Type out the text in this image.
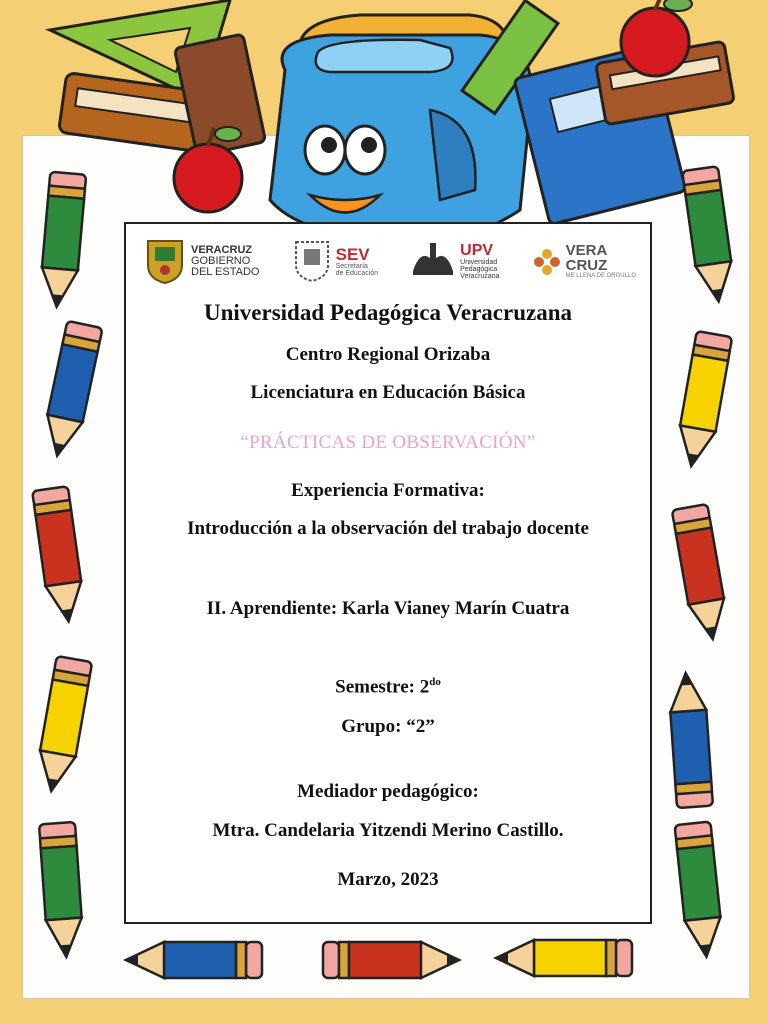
VERACRUZ
GOBIERNO
DEL ESTADO
SEV
Secretaría
de Educación
UPV
Universidad
Pedagógica
Veracruzana
VERA
CRUZ
ME LLENA DE ORGULLO
Universidad Pedagógica Veracruzana
Centro Regional Orizaba
Licenciatura en Educación Básica
“PRÁCTICAS DE OBSERVACIÓN”
Experiencia Formativa:
Introducción a la observación del trabajo docente
II. Aprendiente: Karla Vianey Marín Cuatra
Semestre: $2^{do}$
Grupo: “2”
Mediador pedagógico:
Mtra. Candelaria Yitzendi Merino Castillo.
Marzo, 2023
